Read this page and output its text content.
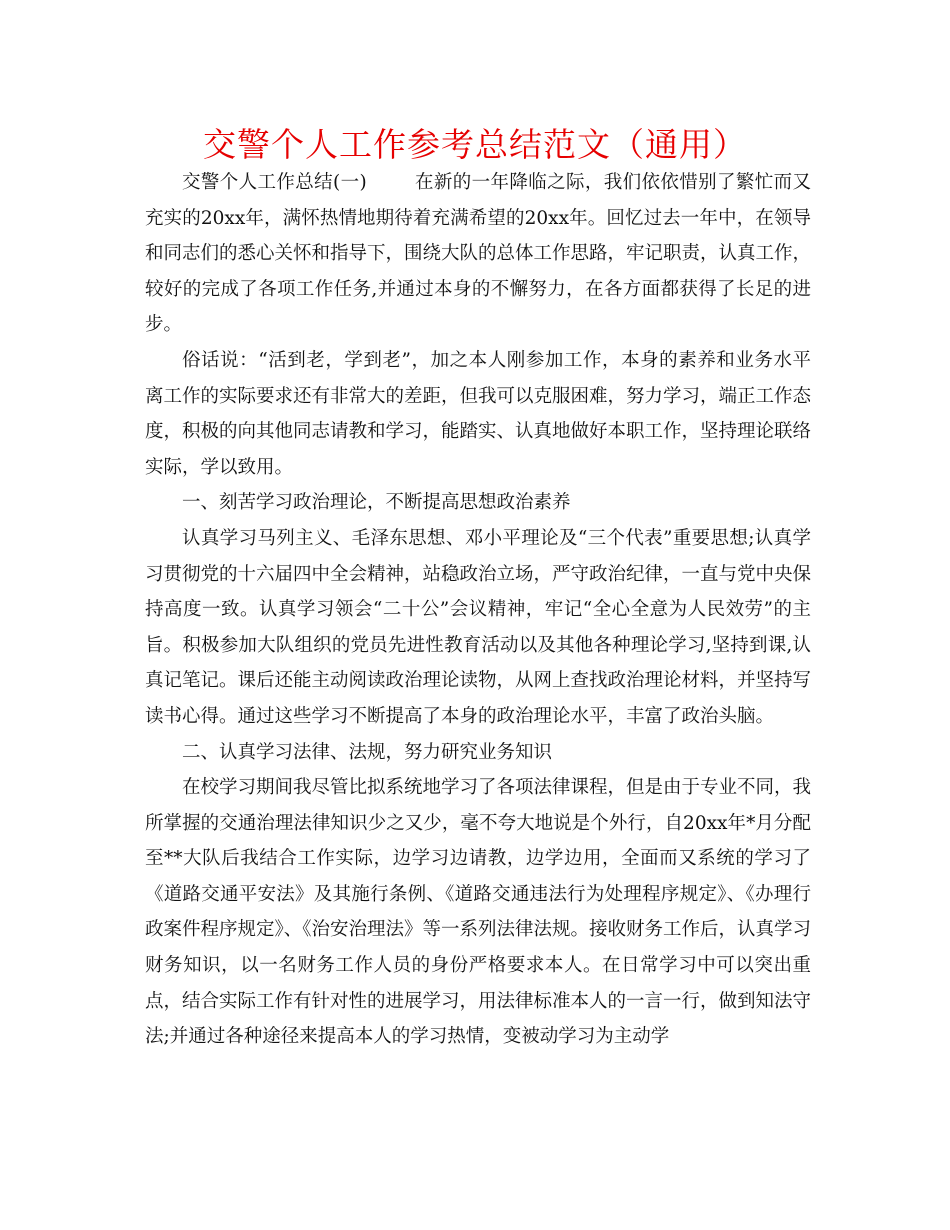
交警个人工作参考总结范文（通用）

交警个人工作总结(一)	在新的一年降临之际，我们依依惜别了繁忙而又充实的20xx年，满怀热情地期待着充满希望的20xx年。回忆过去一年中，在领导和同志们的悉心关怀和指导下，围绕大队的总体工作思路，牢记职责，认真工作，较好的完成了各项工作任务,并通过本身的不懈努力，在各方面都获得了长足的进步。

俗话说：“活到老，学到老”，加之本人刚参加工作，本身的素养和业务水平离工作的实际要求还有非常大的差距，但我可以克服困难，努力学习，端正工作态度，积极的向其他同志请教和学习，能踏实、认真地做好本职工作，坚持理论联络实际，学以致用。

一、刻苦学习政治理论，不断提高思想政治素养

认真学习马列主义、毛泽东思想、邓小平理论及“三个代表”重要思想;认真学习贯彻党的十六届四中全会精神，站稳政治立场，严守政治纪律，一直与党中央保持高度一致。认真学习领会“二十公”会议精神，牢记“全心全意为人民效劳”的主旨。积极参加大队组织的党员先进性教育活动以及其他各种理论学习,坚持到课,认真记笔记。课后还能主动阅读政治理论读物，从网上查找政治理论材料，并坚持写读书心得。通过这些学习不断提高了本身的政治理论水平，丰富了政治头脑。

二、认真学习法律、法规，努力研究业务知识

在校学习期间我尽管比拟系统地学习了各项法律课程，但是由于专业不同，我所掌握的交通治理法律知识少之又少，毫不夸大地说是个外行，自20xx年*月分配至**大队后我结合工作实际，边学习边请教，边学边用，全面而又系统的学习了《道路交通平安法》及其施行条例、《道路交通违法行为处理程序规定》、《办理行政案件程序规定》、《治安治理法》等一系列法律法规。接收财务工作后，认真学习财务知识，以一名财务工作人员的身份严格要求本人。在日常学习中可以突出重点，结合实际工作有针对性的进展学习，用法律标准本人的一言一行，做到知法守法;并通过各种途径来提高本人的学习热情，变被动学习为主动学
